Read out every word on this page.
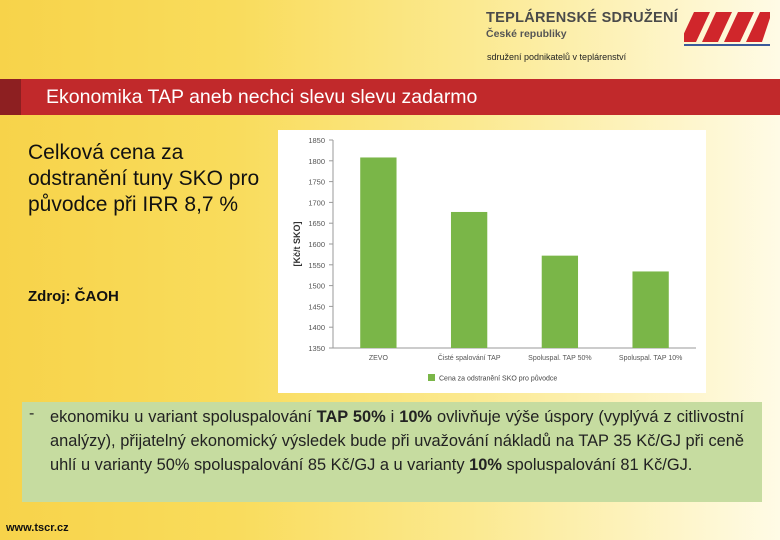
TEPLÁRENSKÉ SDRUŽENÍ
České republiky
sdružení podnikatelů v teplárenství
Ekonomika TAP aneb nechci slevu slevu zadarmo
Celková cena za odstranění tuny SKO pro původce při IRR 8,7 %
Zdroj: ČAOH
1350
1400
1450
1500
1550
1600
1650
1700
1750
1800
1850
[Kč/t SKO]
ZEVO	Čisté spalování TAP	Spoluspal. TAP 50%	Spoluspal. TAP 10%
Cena za odstranění SKO pro původce
- ekonomiku u variant spoluspalování TAP 50% i 10% ovlivňuje výše úspory (vyplývá z citlivostní analýzy), přijatelný ekonomický výsledek bude při uvažování nákladů na TAP 35 Kč/GJ při ceně uhlí u varianty 50% spoluspalování 85 Kč/GJ a u varianty 10% spoluspalování 81 Kč/GJ.
www.tscr.cz
